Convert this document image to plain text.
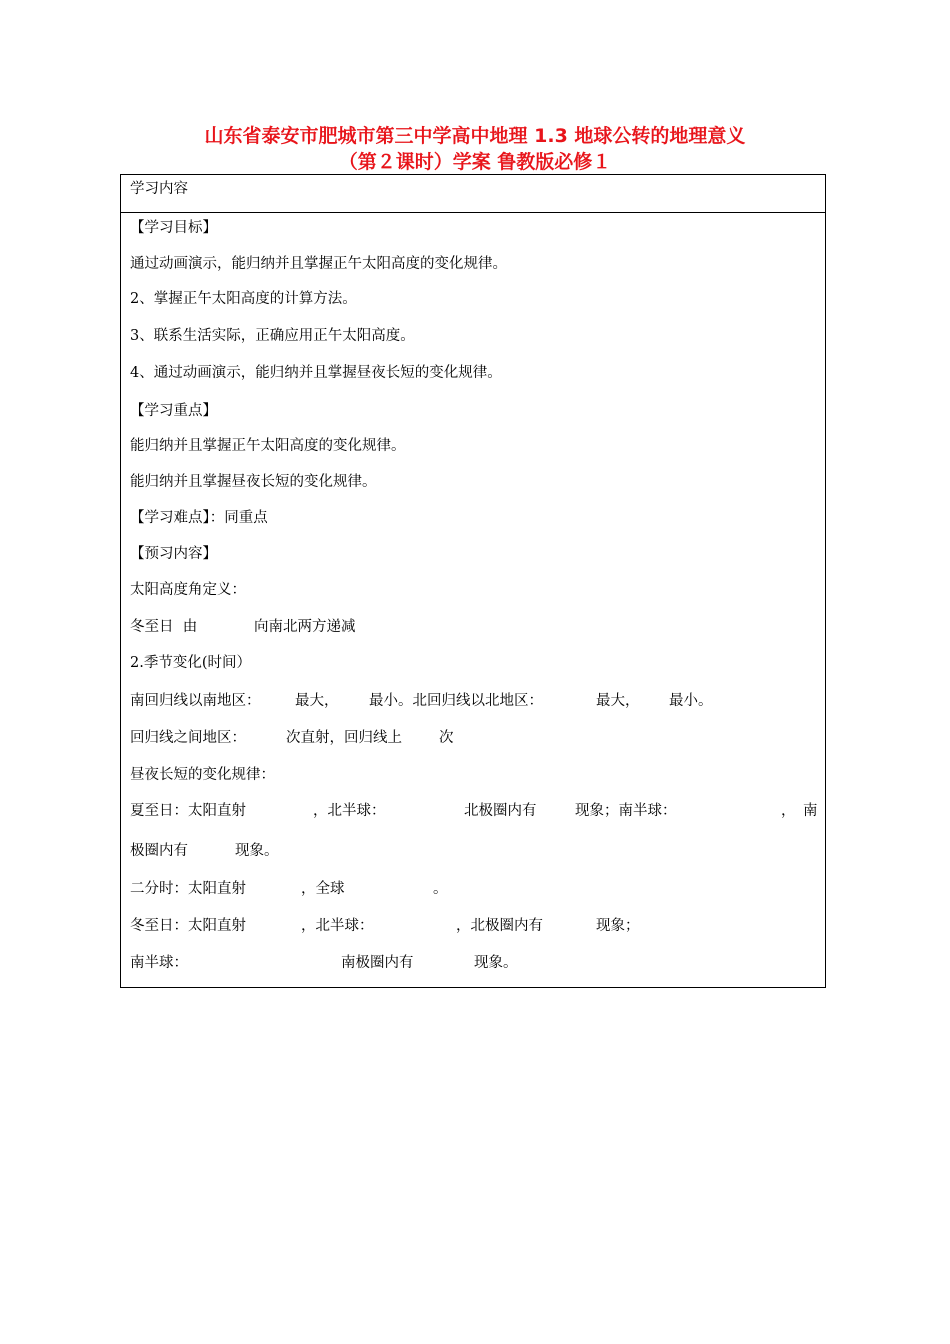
山东省泰安市肥城市第三中学高中地理 1.3 地球公转的地理意义
（第２课时）学案 鲁教版必修１
学习内容
【学习目标】
通过动画演示，能归纳并且掌握正午太阳高度的变化规律。
2、掌握正午太阳高度的计算方法。
3、联系生活实际，正确应用正午太阳高度。
4、通过动画演示，能归纳并且掌握昼夜长短的变化规律。
【学习重点】
能归纳并且掌握正午太阳高度的变化规律。
能归纳并且掌握昼夜长短的变化规律。
【学习难点】：同重点
【预习内容】
太阳高度角定义：

冬至日  由

	向南北两方递减

2.季节变化(时间）

南回归线以南地区：

最大，

最小。北回归线以北地区：

	最大，

最小。

回归线之间地区：

	次直射，回归线上

	次

昼夜长短的变化规律：

夏至日：太阳直射

	，北半球：

	北极圈内有

	现象；南半球：

	，

南

极圈内有

	现象。

二分时：太阳直射

	，全球

	。

冬至日：太阳直射

	，北半球：

	，北极圈内有

	现象；

南半球：

	南极圈内有

	现象。
